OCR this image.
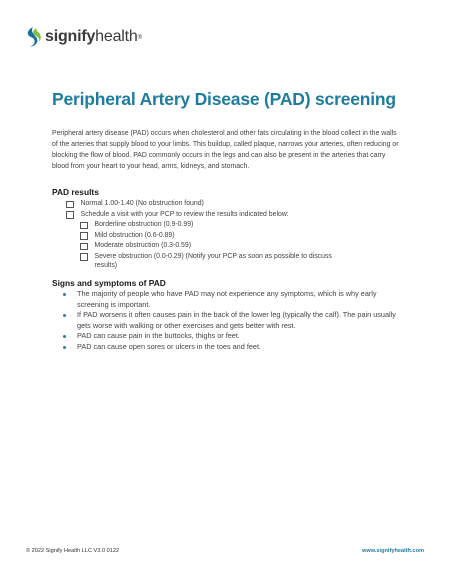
signifyhealth®
Peripheral Artery Disease (PAD) screening

Peripheral artery disease (PAD) occurs when cholesterol and other fats circulating in the blood collect in the walls of the arteries that supply blood to your limbs. This buildup, called plaque, narrows your arteries, often reducing or blocking the flow of blood. PAD commonly occurs in the legs and can also be present in the arteries that carry blood from your heart to your head, arms, kidneys, and stomach.

PAD results
Normal 1.00-1.40 (No obstruction found)
Schedule a visit with your PCP to review the results indicated below:
Borderline obstruction (0.9-0.99)
Mild obstruction (0.6-0.89)
Moderate obstruction (0.3-0.59)
Severe obstruction (0.0-0.29) (Notify your PCP as soon as possible to discuss results)
Signs and symptoms of PAD
The majority of people who have PAD may not experience any symptoms, which is why early screening is important.
If PAD worsens it often causes pain in the back of the lower leg (typically the calf). The pain usually gets worse with walking or other exercises and gets better with rest.
PAD can cause pain in the buttocks, thighs or feet.
PAD can cause open sores or ulcers in the toes and feet.
© 2022 Signify Health LLC V3.0 0122	www.signifyhealth.com
